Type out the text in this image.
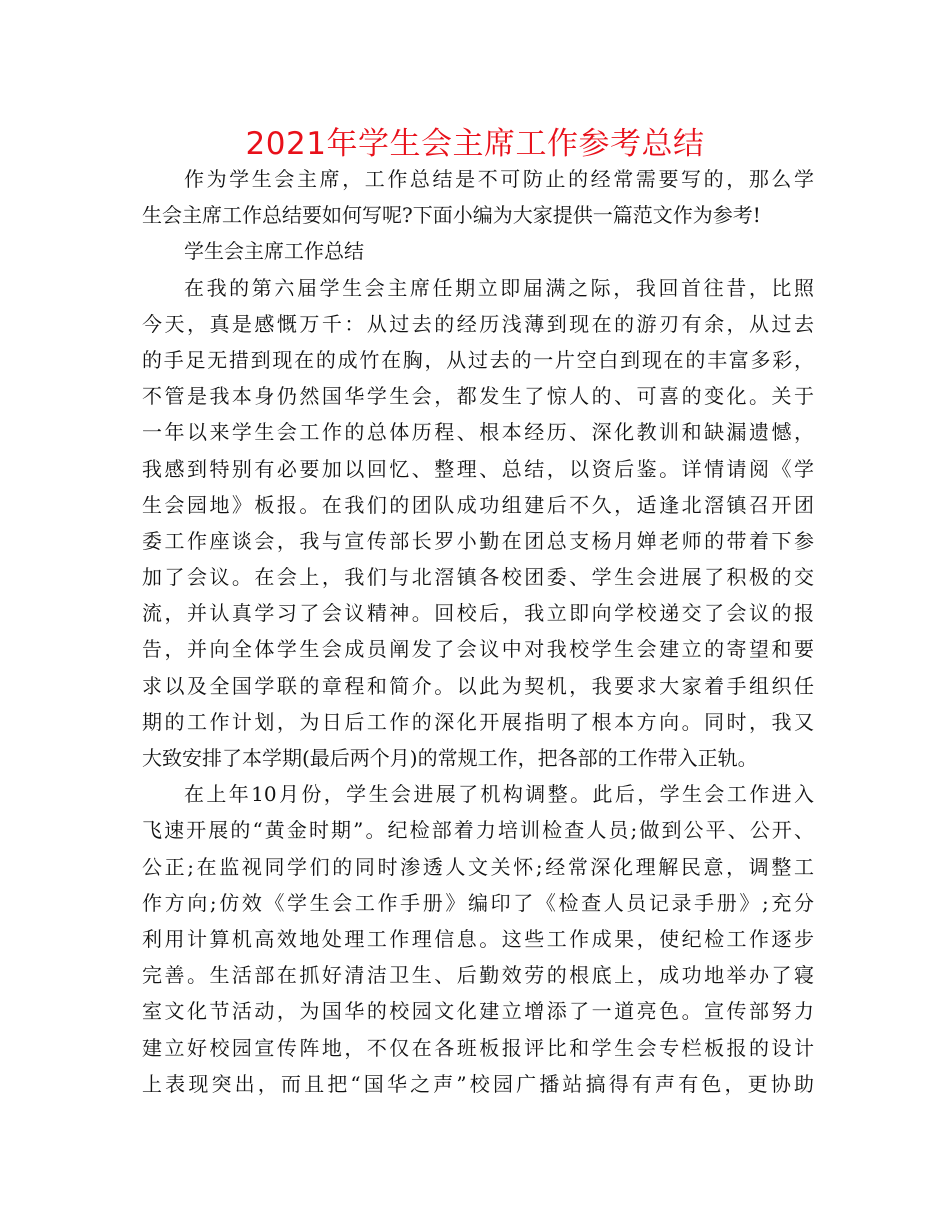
2021年学生会主席工作参考总结
作为学生会主席，工作总结是不可防止的经常需要写的，那么学
生会主席工作总结要如何写呢?下面小编为大家提供一篇范文作为参考!
学生会主席工作总结
在我的第六届学生会主席任期立即届满之际，我回首往昔，比照
今天，真是感慨万千：从过去的经历浅薄到现在的游刃有余，从过去
的手足无措到现在的成竹在胸，从过去的一片空白到现在的丰富多彩，
不管是我本身仍然国华学生会，都发生了惊人的、可喜的变化。关于
一年以来学生会工作的总体历程、根本经历、深化教训和缺漏遗憾，
我感到特别有必要加以回忆、整理、总结，以资后鉴。详情请阅《学
生会园地》板报。在我们的团队成功组建后不久，适逢北滘镇召开团
委工作座谈会，我与宣传部长罗小勤在团总支杨月婵老师的带着下参
加了会议。在会上，我们与北滘镇各校团委、学生会进展了积极的交
流，并认真学习了会议精神。回校后，我立即向学校递交了会议的报
告，并向全体学生会成员阐发了会议中对我校学生会建立的寄望和要
求以及全国学联的章程和简介。以此为契机，我要求大家着手组织任
期的工作计划，为日后工作的深化开展指明了根本方向。同时，我又
大致安排了本学期(最后两个月)的常规工作，把各部的工作带入正轨。
在上年10月份，学生会进展了机构调整。此后，学生会工作进入
飞速开展的“黄金时期”。纪检部着力培训检查人员;做到公平、公开、
公正;在监视同学们的同时渗透人文关怀;经常深化理解民意，调整工
作方向;仿效《学生会工作手册》编印了《检查人员记录手册》;充分
利用计算机高效地处理工作理信息。这些工作成果，使纪检工作逐步
完善。生活部在抓好清洁卫生、后勤效劳的根底上，成功地举办了寝
室文化节活动，为国华的校园文化建立增添了一道亮色。宣传部努力
建立好校园宣传阵地，不仅在各班板报评比和学生会专栏板报的设计
上表现突出，而且把“国华之声”校园广播站搞得有声有色，更协助
